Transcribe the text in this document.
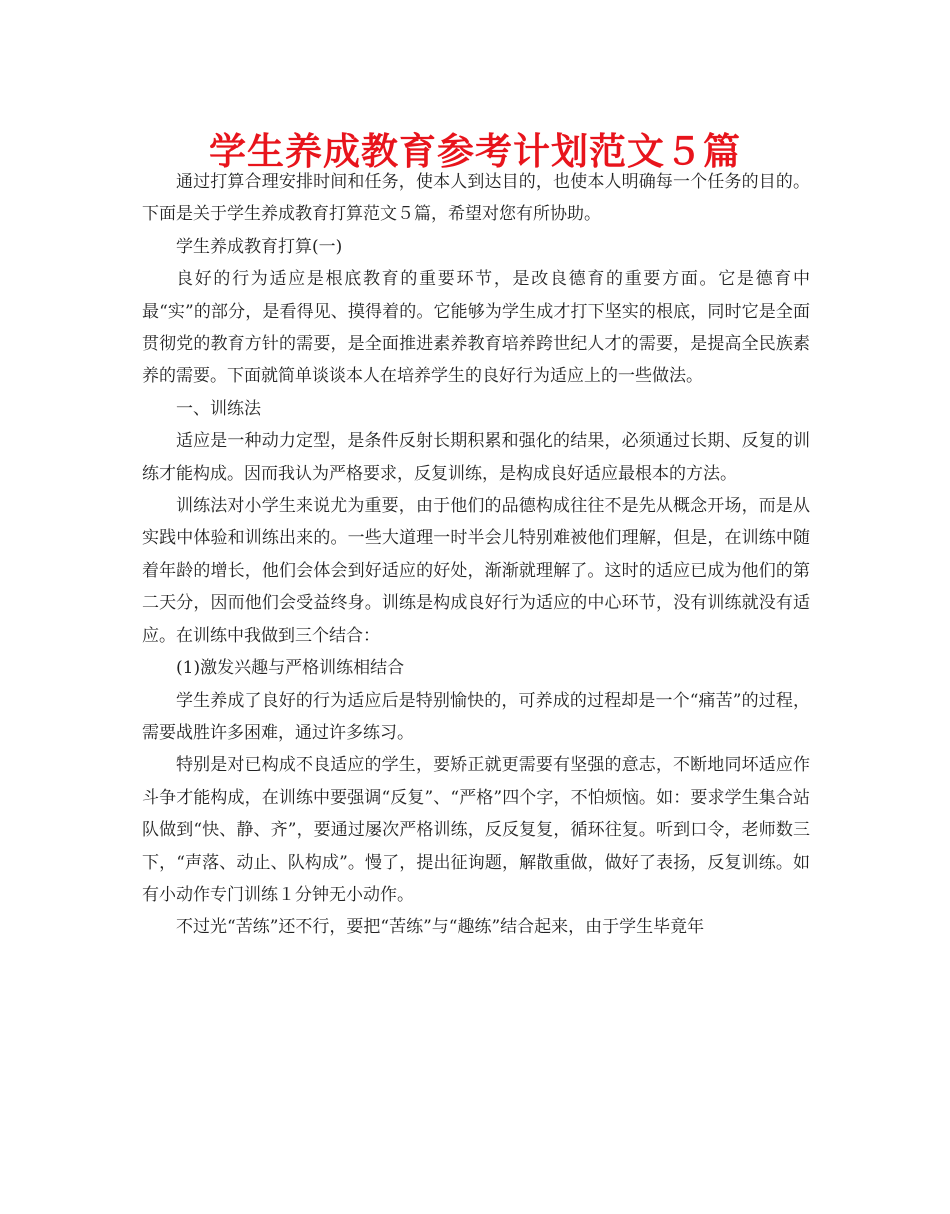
学生养成教育参考计划范文５篇

通过打算合理安排时间和任务，使本人到达目的，也使本人明确每一个任务的目的。下面是关于学生养成教育打算范文５篇，希望对您有所协助。

学生养成教育打算(一)

良好的行为适应是根底教育的重要环节，是改良德育的重要方面。它是德育中最“实”的部分，是看得见、摸得着的。它能够为学生成才打下坚实的根底，同时它是全面贯彻党的教育方针的需要，是全面推进素养教育培养跨世纪人才的需要，是提高全民族素养的需要。下面就简单谈谈本人在培养学生的良好行为适应上的一些做法。

一、训练法

适应是一种动力定型，是条件反射长期积累和强化的结果，必须通过长期、反复的训练才能构成。因而我认为严格要求，反复训练，是构成良好适应最根本的方法。

训练法对小学生来说尤为重要，由于他们的品德构成往往不是先从概念开场，而是从实践中体验和训练出来的。一些大道理一时半会儿特别难被他们理解，但是，在训练中随着年龄的增长，他们会体会到好适应的好处，渐渐就理解了。这时的适应已成为他们的第二天分，因而他们会受益终身。训练是构成良好行为适应的中心环节，没有训练就没有适应。在训练中我做到三个结合：

(1)激发兴趣与严格训练相结合

学生养成了良好的行为适应后是特别愉快的，可养成的过程却是一个“痛苦”的过程，需要战胜许多困难，通过许多练习。

特别是对已构成不良适应的学生，要矫正就更需要有坚强的意志，不断地同坏适应作斗争才能构成，在训练中要强调“反复”、“严格”四个字，不怕烦恼。如：要求学生集合站队做到“快、静、齐”，要通过屡次严格训练，反反复复，循环往复。听到口令，老师数三下，“声落、动止、队构成”。慢了，提出征询题，解散重做，做好了表扬，反复训练。如有小动作专门训练１分钟无小动作。

不过光“苦练”还不行，要把“苦练”与“趣练”结合起来，由于学生毕竟年
